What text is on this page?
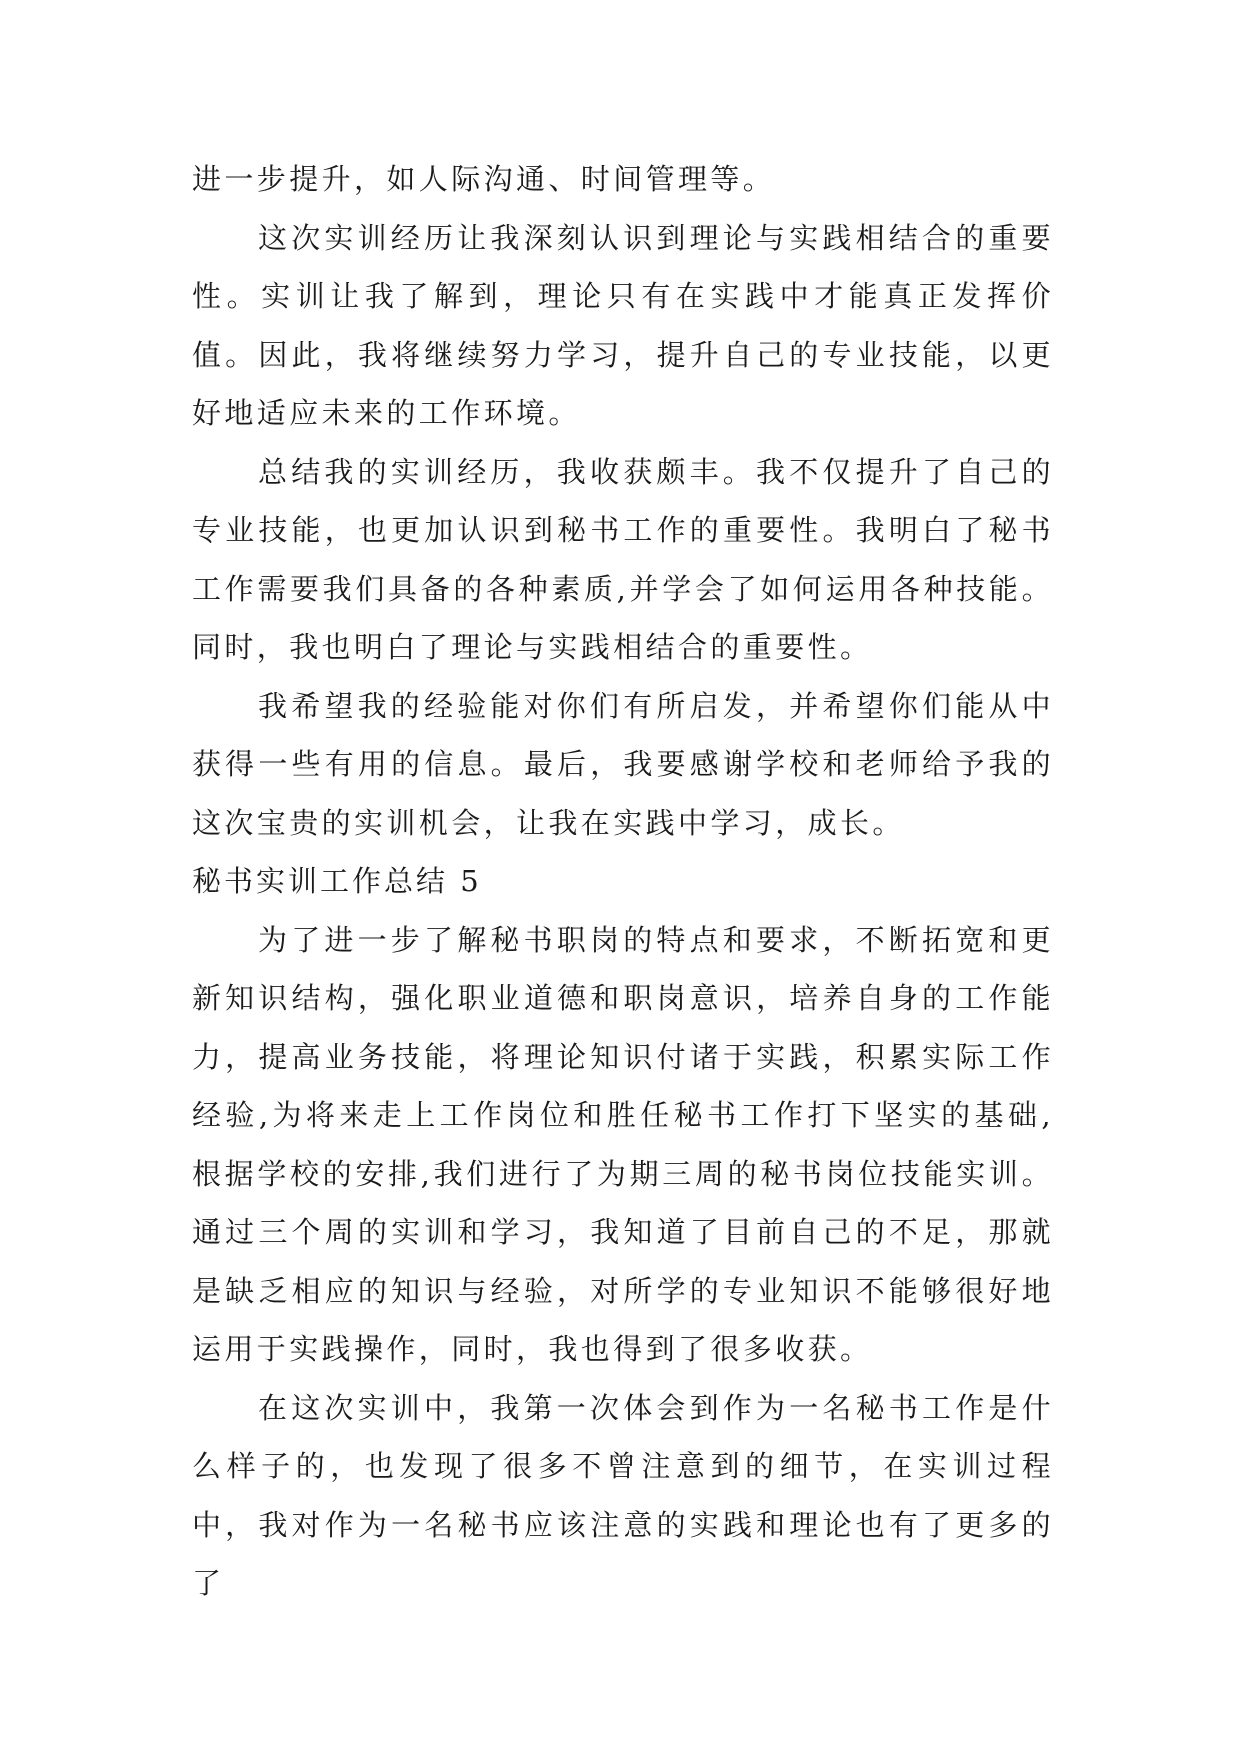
进一步提升，如人际沟通、时间管理等。

这次实训经历让我深刻认识到理论与实践相结合的重要性。实训让我了解到，理论只有在实践中才能真正发挥价值。因此，我将继续努力学习，提升自己的专业技能，以更好地适应未来的工作环境。

总结我的实训经历，我收获颇丰。我不仅提升了自己的专业技能，也更加认识到秘书工作的重要性。我明白了秘书工作需要我们具备的各种素质,并学会了如何运用各种技能。同时，我也明白了理论与实践相结合的重要性。

我希望我的经验能对你们有所启发，并希望你们能从中获得一些有用的信息。最后，我要感谢学校和老师给予我的这次宝贵的实训机会，让我在实践中学习，成长。

秘书实训工作总结 5

为了进一步了解秘书职岗的特点和要求，不断拓宽和更新知识结构，强化职业道德和职岗意识，培养自身的工作能力，提高业务技能，将理论知识付诸于实践，积累实际工作经验,为将来走上工作岗位和胜任秘书工作打下坚实的基础,根据学校的安排,我们进行了为期三周的秘书岗位技能实训。通过三个周的实训和学习，我知道了目前自己的不足，那就是缺乏相应的知识与经验，对所学的专业知识不能够很好地运用于实践操作，同时，我也得到了很多收获。

在这次实训中，我第一次体会到作为一名秘书工作是什么样子的，也发现了很多不曾注意到的细节，在实训过程中，我对作为一名秘书应该注意的实践和理论也有了更多的了
